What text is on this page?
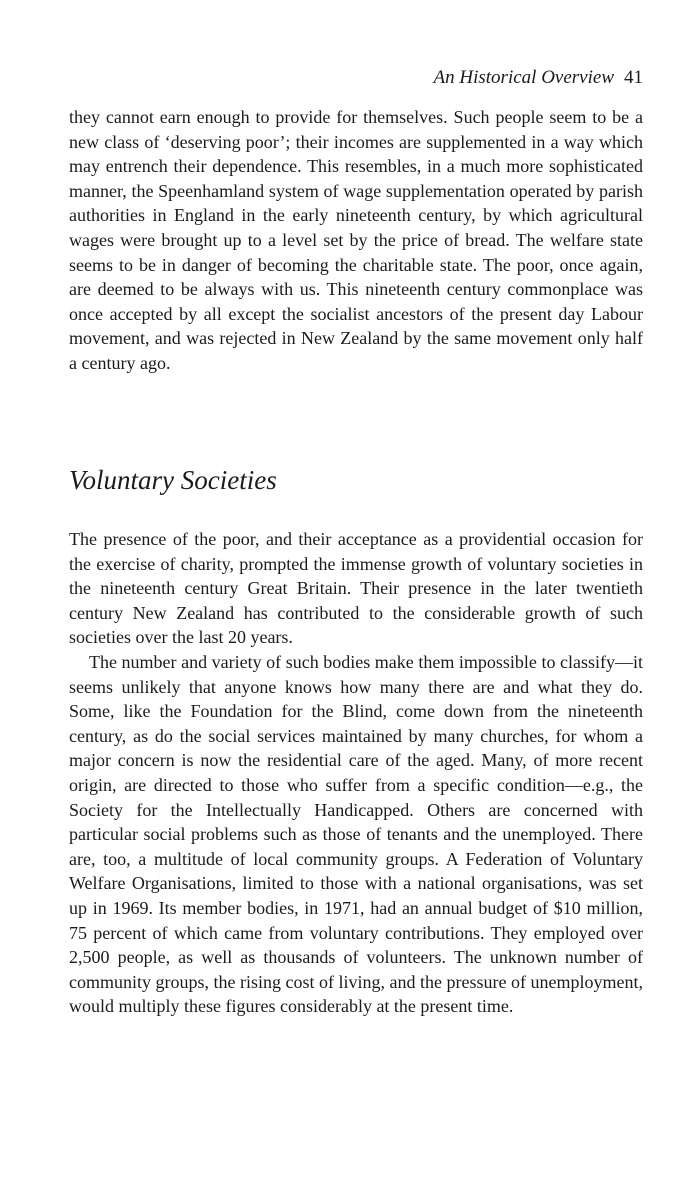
An Historical Overview 41

they cannot earn enough to provide for themselves. Such people seem to be a new class of ‘deserving poor’; their incomes are supplemented in a way which may entrench their dependence. This resembles, in a much more sophisticated manner, the Speenhamland system of wage supplementation operated by parish authorities in England in the early nineteenth century, by which agricultural wages were brought up to a level set by the price of bread. The welfare state seems to be in danger of becoming the charitable state. The poor, once again, are deemed to be always with us. This nineteenth century commonplace was once accepted by all except the socialist ancestors of the present day Labour movement, and was rejected in New Zealand by the same movement only half a century ago.

Voluntary Societies

The presence of the poor, and their acceptance as a providential occasion for the exercise of charity, prompted the immense growth of voluntary societies in the nineteenth century Great Britain. Their presence in the later twentieth century New Zealand has contributed to the considerable growth of such societies over the last 20 years.

The number and variety of such bodies make them impossible to classify—it seems unlikely that anyone knows how many there are and what they do. Some, like the Foundation for the Blind, come down from the nineteenth century, as do the social services maintained by many churches, for whom a major concern is now the residential care of the aged. Many, of more recent origin, are directed to those who suffer from a specific condition—e.g., the Society for the Intellectually Handicapped. Others are concerned with particular social problems such as those of tenants and the unemployed. There are, too, a multitude of local community groups. A Federation of Voluntary Welfare Organisations, limited to those with a national organisations, was set up in 1969. Its member bodies, in 1971, had an annual budget of $10 million, 75 percent of which came from voluntary contributions. They employed over 2,500 people, as well as thousands of volunteers. The unknown number of community groups, the rising cost of living, and the pressure of unemployment, would multiply these figures considerably at the present time.
